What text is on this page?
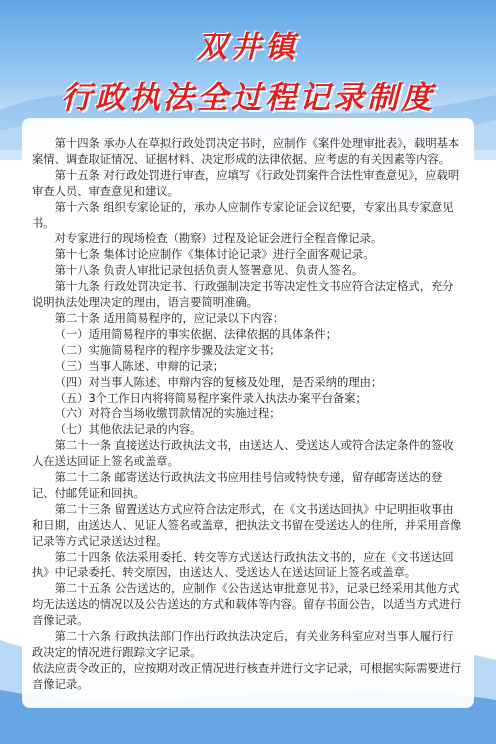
双井镇
行政执法全过程记录制度

第十四条 承办人在草拟行政处罚决定书时，应制作《案件处理审批表》，载明基本案情、调查取证情况、证据材料、决定形成的法律依据、应考虑的有关因素等内容。

第十五条 对行政处罚进行审查，应填写《行政处罚案件合法性审查意见》，应载明审查人员、审查意见和建议。

第十六条 组织专家论证的，承办人应制作专家论证会议纪要，专家出具专家意见书。

对专家进行的现场检查（勘察）过程及论证会进行全程音像记录。

第十七条 集体讨论应制作《集体讨论记录》进行全面客观记录。

第十八条 负责人审批记录包括负责人签署意见、负责人签名。

第十九条 行政处罚决定书、行政强制决定书等决定性文书应符合法定格式，充分说明执法处理决定的理由，语言要简明准确。

第二十条 适用简易程序的，应记录以下内容：

（一）适用简易程序的事实依据、法律依据的具体条件；

（二）实施简易程序的程序步骤及法定文书；

（三）当事人陈述、申辩的记录；

（四）对当事人陈述、申辩内容的复核及处理，是否采纳的理由；

（五）3个工作日内将将简易程序案件录入执法办案平台备案；

（六）对符合当场收缴罚款情况的实施过程；

（七）其他依法记录的内容。

第二十一条 直接送达行政执法文书，由送达人、受送达人或符合法定条件的签收人在送达回证上签名或盖章。

第二十二条 邮寄送达行政执法文书应用挂号信或特快专递，留存邮寄送达的登记、付邮凭证和回执。

第二十三条 留置送达方式应符合法定形式，在《文书送达回执》中记明拒收事由和日期，由送达人、见证人签名或盖章，把执法文书留在受送达人的住所，并采用音像记录等方式记录送达过程。

第二十四条 依法采用委托、转交等方式送达行政执法文书的，应在《文书送达回执》中记录委托、转交原因，由送达人、受送达人在送达回证上签名或盖章。

第二十五条 公告送达的，应制作《公告送达审批意见书》，记录已经采用其他方式均无法送达的情况以及公告送达的方式和载体等内容。留存书面公告，以适当方式进行音像记录。

第二十六条 行政执法部门作出行政执法决定后，有关业务科室应对当事人履行行政决定的情况进行跟踪文字记录。

依法应责令改正的，应按期对改正情况进行核查并进行文字记录，可根据实际需要进行音像记录。
